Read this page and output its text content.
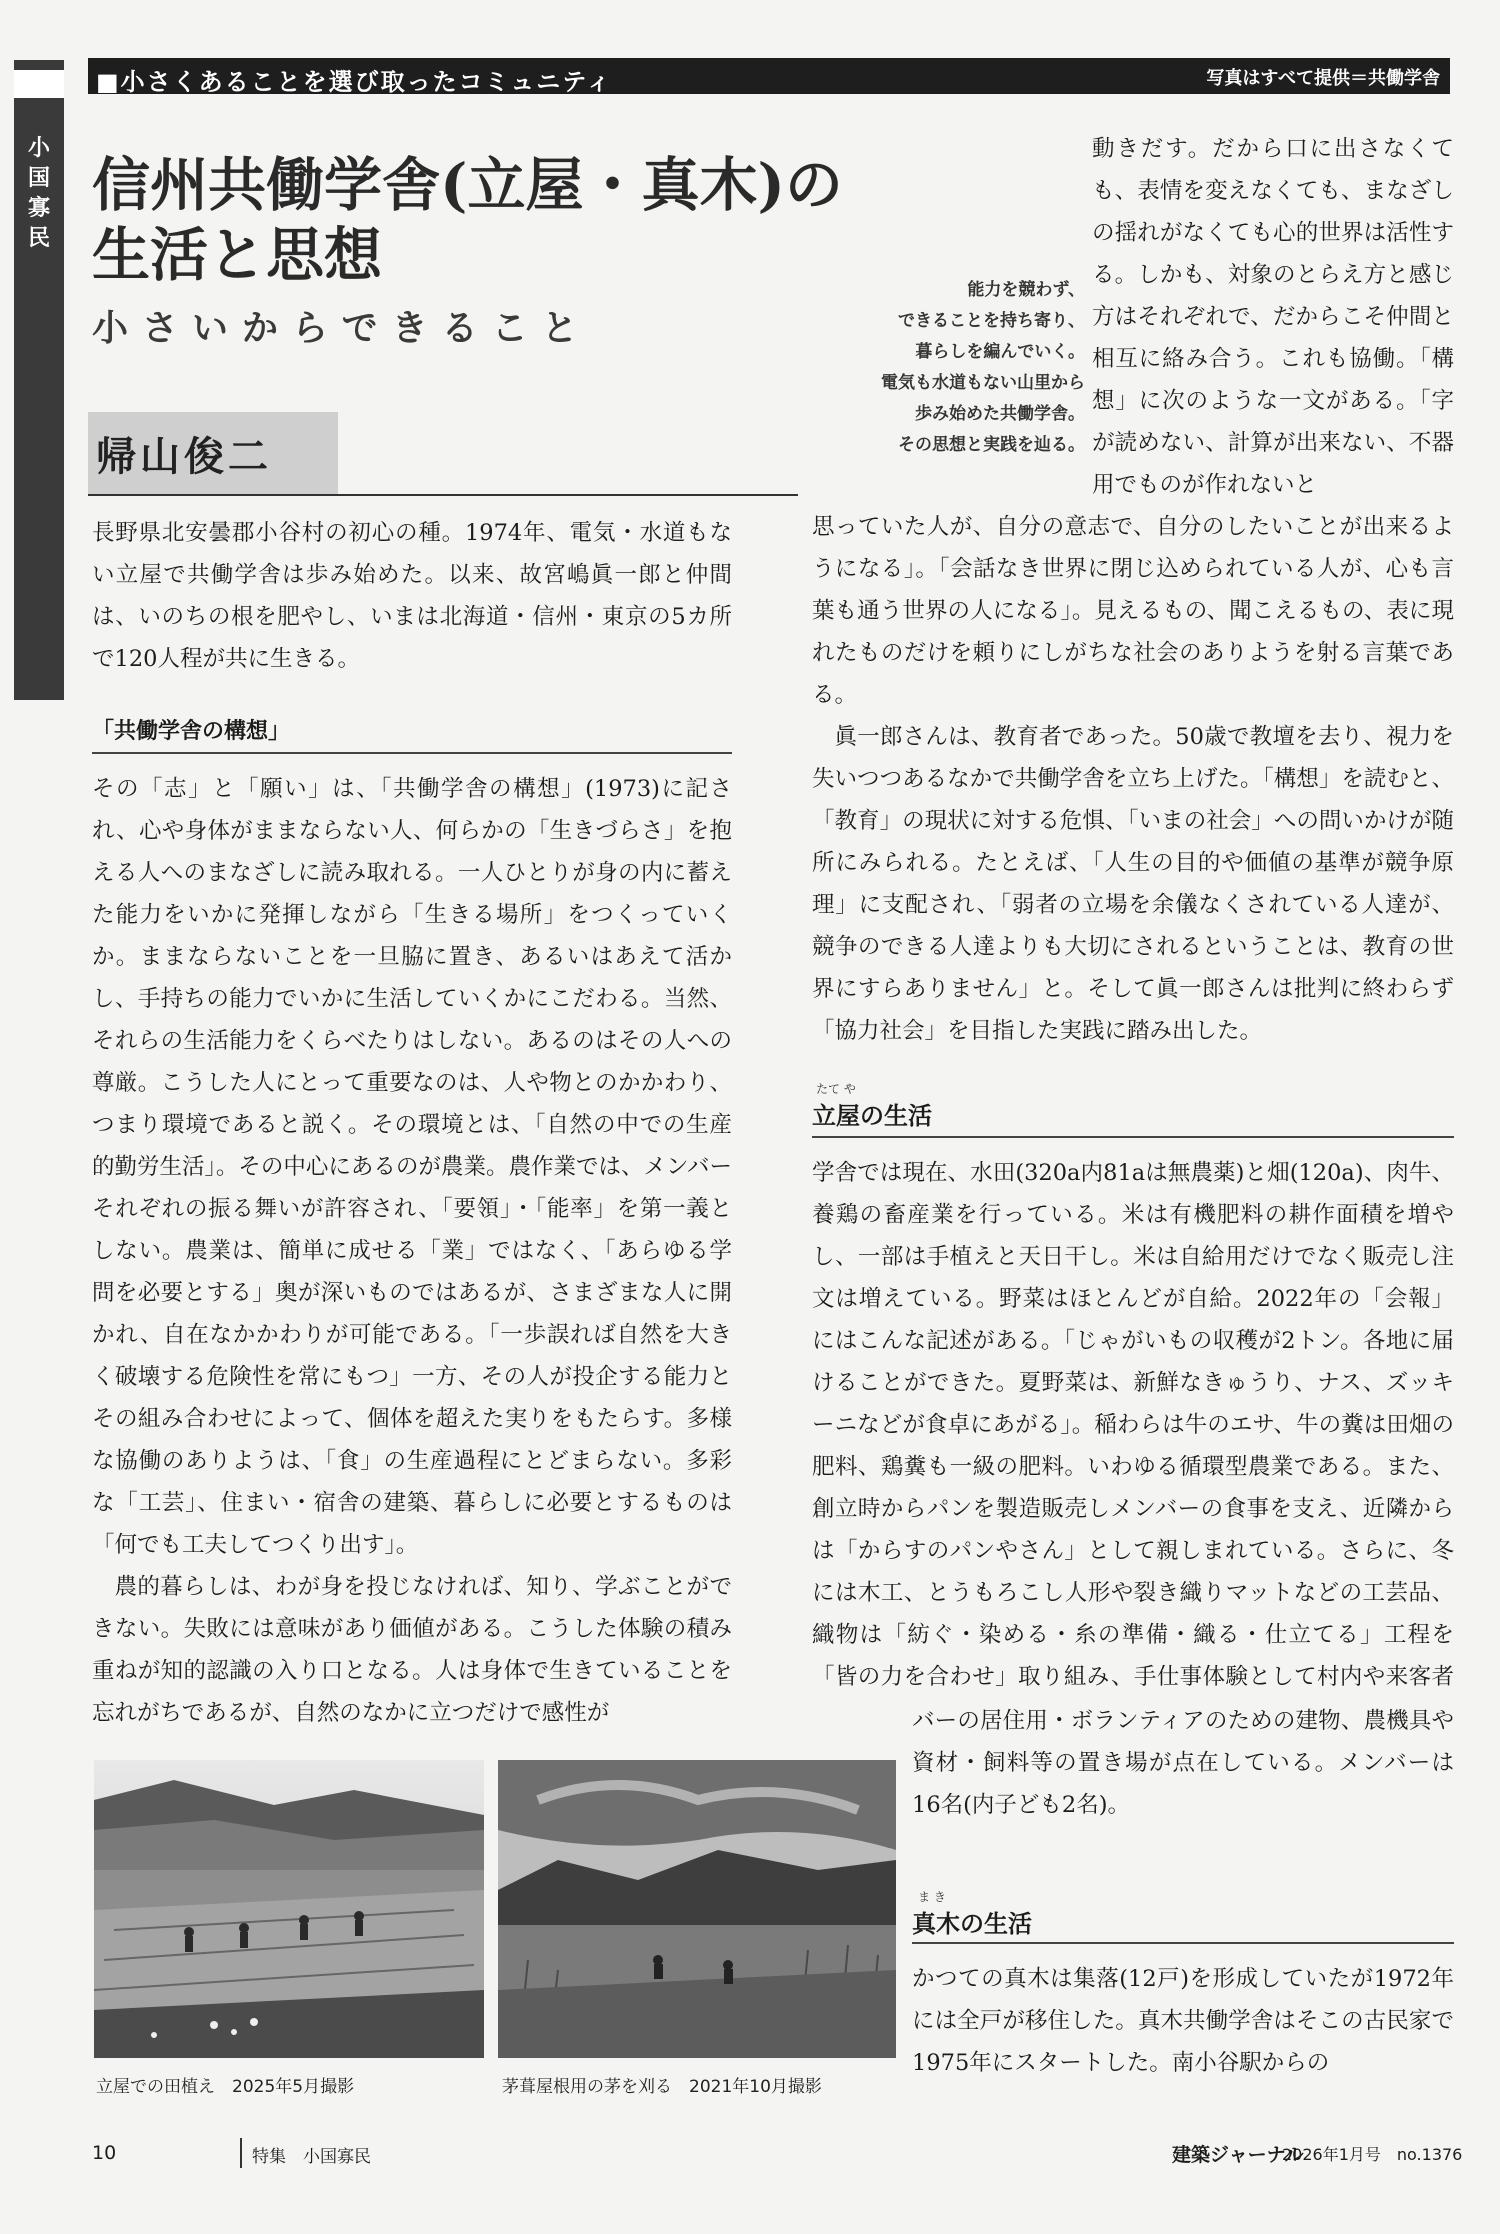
特集
小
国
寡
民
■小さくあることを選び取ったコミュニティ	写真はすべて提供＝共働学舎
信州共働学舎(立屋・真木)の
生活と思想
小さいからできること
能力を競わず、
できることを持ち寄り、
暮らしを編んでいく。
電気も水道もない山里から
歩み始めた共働学舎。
その思想と実践を辿る。
帰山俊二

長野県北安曇郡小谷村の初心の種。1974年、電気・水道もない立屋で共働学舎は歩み始めた。以来、故宮嶋眞一郎と仲間は、いのちの根を肥やし、いまは北海道・信州・東京の5カ所で120人程が共に生きる。

「共働学舎の構想」

その「志」と「願い」は、「共働学舎の構想」(1973)に記され、心や身体がままならない人、何らかの「生きづらさ」を抱える人へのまなざしに読み取れる。一人ひとりが身の内に蓄えた能力をいかに発揮しながら「生きる場所」をつくっていくか。ままならないことを一旦脇に置き、あるいはあえて活かし、手持ちの能力でいかに生活していくかにこだわる。当然、それらの生活能力をくらべたりはしない。あるのはその人への尊厳。こうした人にとって重要なのは、人や物とのかかわり、つまり環境であると説く。その環境とは、「自然の中での生産的勤労生活」。その中心にあるのが農業。農作業では、メンバーそれぞれの振る舞いが許容され、「要領」・「能率」を第一義としない。農業は、簡単に成せる「業」ではなく、「あらゆる学問を必要とする」奥が深いものではあるが、さまざまな人に開かれ、自在なかかわりが可能である。「一歩誤れば自然を大きく破壊する危険性を常にもつ」一方、その人が投企する能力とその組み合わせによって、個体を超えた実りをもたらす。多様な協働のありようは、「食」の生産過程にとどまらない。多彩な「工芸」、住まい・宿舎の建築、暮らしに必要とするものは「何でも工夫してつくり出す」。

農的暮らしは、わが身を投じなければ、知り、学ぶことができない。失敗には意味があり価値がある。こうした体験の積み重ねが知的認識の入り口となる。人は身体で生きていることを忘れがちであるが、自然のなかに立つだけで感性が

動きだす。だから口に出さなくても、表情を変えなくても、まなざしの揺れがなくても心的世界は活性する。しかも、対象のとらえ方と感じ方はそれぞれで、だからこそ仲間と相互に絡み合う。これも協働。「構想」に次のような一文がある。「字が読めない、計算が出来ない、不器用でものが作れないと

思っていた人が、自分の意志で、自分のしたいことが出来るようになる」。「会話なき世界に閉じ込められている人が、心も言葉も通う世界の人になる」。見えるもの、聞こえるもの、表に現れたものだけを頼りにしがちな社会のありようを射る言葉である。

眞一郎さんは、教育者であった。50歳で教壇を去り、視力を失いつつあるなかで共働学舎を立ち上げた。「構想」を読むと、「教育」の現状に対する危惧、「いまの社会」への問いかけが随所にみられる。たとえば、「人生の目的や価値の基準が競争原理」に支配され、「弱者の立場を余儀なくされている人達が、競争のできる人達よりも大切にされるということは、教育の世界にすらありません」と。そして眞一郎さんは批判に終わらず「協力社会」を目指した実践に踏み出した。

たて や
立屋の生活

学舎では現在、水田(320a内81aは無農薬)と畑(120a)、肉牛、養鶏の畜産業を行っている。米は有機肥料の耕作面積を増やし、一部は手植えと天日干し。米は自給用だけでなく販売し注文は増えている。野菜はほとんどが自給。2022年の「会報」にはこんな記述がある。「じゃがいもの収穫が2トン。各地に届けることができた。夏野菜は、新鮮なきゅうり、ナス、ズッキーニなどが食卓にあがる」。稲わらは牛のエサ、牛の糞は田畑の肥料、鶏糞も一級の肥料。いわゆる循環型農業である。また、創立時からパンを製造販売しメンバーの食事を支え、近隣からは「からすのパンやさん」として親しまれている。さらに、冬には木工、とうもろこし人形や裂き織りマットなどの工芸品、織物は「紡ぐ・染める・糸の準備・織る・仕立てる」工程を「皆の力を合わせ」取り組み、手仕事体験として村内や来客者

バーの居住用・ボランティアのための建物、農機具や資材・飼料等の置き場が点在している。メンバーは16名(内子ども2名)。

ま き
真木の生活

かつての真木は集落(12戸)を形成していたが1972年には全戸が移住した。真木共働学舎はそこの古民家で1975年にスタートした。南小谷駅からの

立屋での田植え　2025年5月撮影	茅葺屋根用の茅を刈る　2021年10月撮影
10	特集　小国寡民	建築ジャーナル
2026年1月号　no.1376
